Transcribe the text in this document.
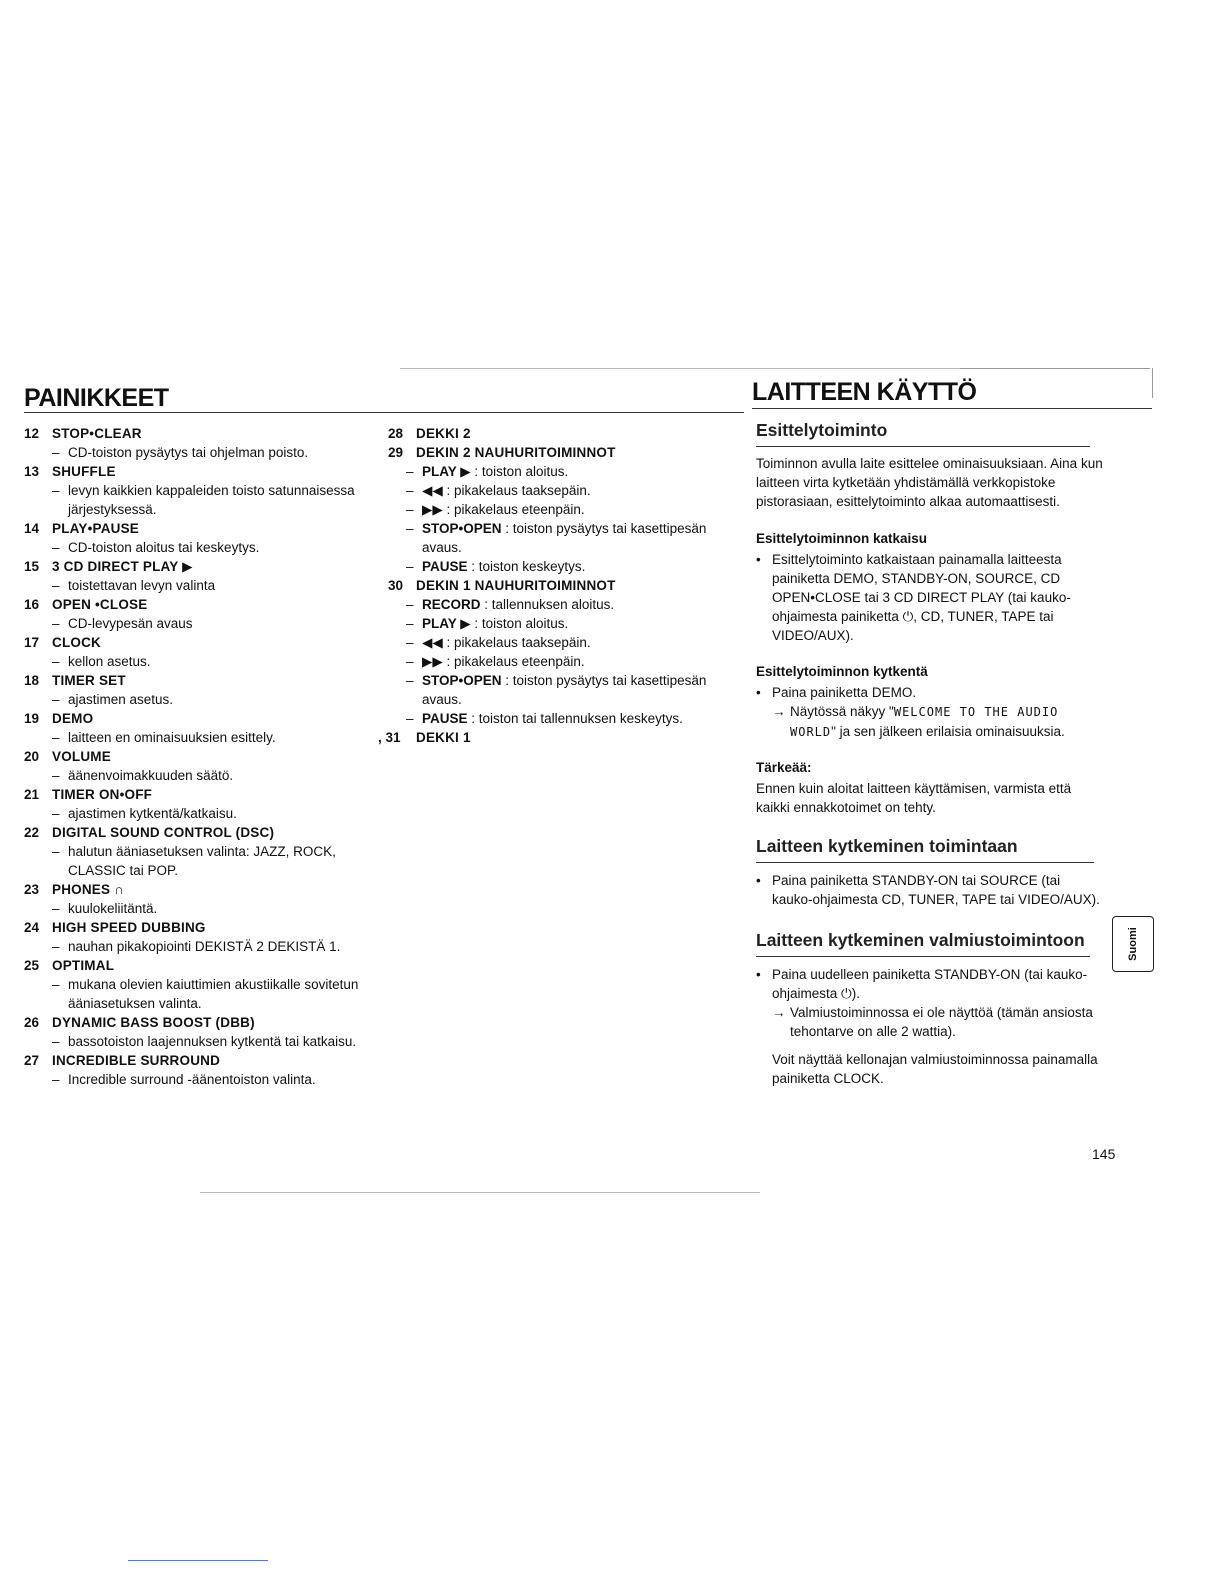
PAINIKKEET	LAITTEEN KÄYTTÖ
12 STOP•CLEAR
– CD-toiston pysäytys tai ohjelman poisto.
13 SHUFFLE
– levyn kaikkien kappaleiden toisto satunnaisessa
järjestyksessä.
14 PLAY•PAUSE
– CD-toiston aloitus tai keskeytys.
15 3 CD DIRECT PLAY ▶
– toistettavan levyn valinta
16 OPEN •CLOSE
– CD-levypesän avaus
17 CLOCK
– kellon asetus.
18 TIMER SET
– ajastimen asetus.
19 DEMO
– laitteen en ominaisuuksien esittely.
20 VOLUME
– äänenvoimakkuuden säätö.
21 TIMER ON•OFF
– ajastimen kytkentä/katkaisu.
22 DIGITAL SOUND CONTROL (DSC)
– halutun ääniasetuksen valinta: JAZZ, ROCK,
CLASSIC tai POP.
23 PHONES ∩
– kuulokeliitäntä.
24 HIGH SPEED DUBBING
– nauhan pikakopiointi DEKISTÄ 2 DEKISTÄ 1.
25 OPTIMAL
– mukana olevien kaiuttimien akustiikalle sovitetun
ääniasetuksen valinta.
26 DYNAMIC BASS BOOST (DBB)
– bassotoiston laajennuksen kytkentä tai katkaisu.
27 INCREDIBLE SURROUND
– Incredible surround -äänentoiston valinta.
28 DEKKI 2
29 DEKIN 2 NAUHURITOIMINNOT
– PLAY ▶ : toiston aloitus.
– ◀◀ : pikakelaus taaksepäin.
– ▶▶ : pikakelaus eteenpäin.
– STOP•OPEN : toiston pysäytys tai kasettipesän
avaus.
– PAUSE : toiston keskeytys.
30 DEKIN 1 NAUHURITOIMINNOT
– RECORD : tallennuksen aloitus.
– PLAY ▶ : toiston aloitus.
– ◀◀ : pikakelaus taaksepäin.
– ▶▶ : pikakelaus eteenpäin.
– STOP•OPEN : toiston pysäytys tai kasettipesän
avaus.
– PAUSE : toiston tai tallennuksen keskeytys.
, 31	DEKKI 1
Esittelytoiminto
Toiminnon avulla laite esittelee ominaisuuksiaan. Aina kun
laitteen virta kytketään yhdistämällä verkkopistoke
pistorasiaan, esittelytoiminto alkaa automaattisesti.
Esittelytoiminnon katkaisu
• Esittelytoiminto katkaistaan painamalla laitteesta
painiketta DEMO, STANDBY-ON, SOURCE, CD
OPEN•CLOSE tai 3 CD DIRECT PLAY (tai kauko-
ohjaimesta painiketta ⏻, CD, TUNER, TAPE tai
VIDEO/AUX).
Esittelytoiminnon kytkentä
• Paina painiketta DEMO.
→ Näytössä näkyy "WELCOME TO THE AUDIO
WORLD" ja sen jälkeen erilaisia ominaisuuksia.
Tärkeää:
Ennen kuin aloitat laitteen käyttämisen, varmista että
kaikki ennakkotoimet on tehty.
Laitteen kytkeminen toimintaan
• Paina painiketta STANDBY-ON tai SOURCE (tai
kauko-ohjaimesta CD, TUNER, TAPE tai VIDEO/AUX).
Laitteen kytkeminen valmiustoimintoon
• Paina uudelleen painiketta STANDBY-ON (tai kauko-
ohjaimesta ⏻).
→ Valmiustoiminnossa ei ole näyttöä (tämän ansiosta
tehontarve on alle 2 wattia).
Voit näyttää kellonajan valmiustoiminnossa painamalla
painiketta CLOCK.
Suomi
145
